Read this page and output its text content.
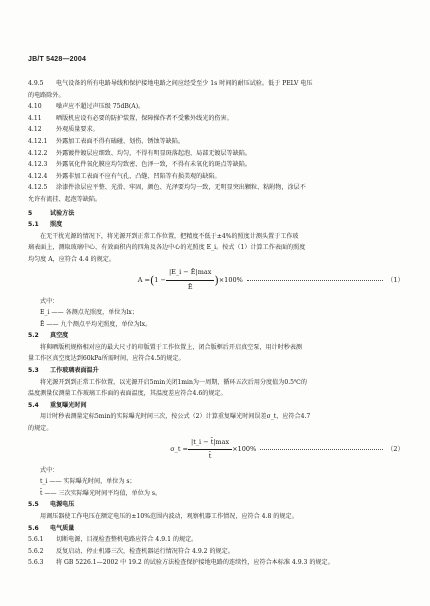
JB/T 5428—2004
4.9.5	电气设备的所有电路导线和保护接地电路之间应经受至少 1s 时间的耐压试验。低于 PELV 电压
的电路除外。
4.10	噪声应不超过声压级 75dB(A)。
4.11	晒版机应设有必要的防护装置，保障操作者不受紫外线光的伤害。
4.12	外观质量要求。
4.12.1	外露加工表面不得有磕碰、划伤、锈蚀等缺陷。
4.12.2	外露镀件镀层应细致、均匀，不得有明显斑落起泡、局部无镀层等缺陷。
4.12.3	外露氧化件氧化膜应均匀致密、色泽一致，不得有未氧化的斑点等缺陷。
4.12.4	外露非加工表面不应有气孔、凸缝、凹陷等有损美观的缺陷。
4.12.5	涂漆件涂层应平整、光滑、牢固，颜色、光泽要均匀一致，无明显突出颗粒、粘附物，涂层不
允许有流挂、起泡等缺陷。
5	试验方法
5.1	照度
在无干扰光源的情况下，将光源开到正常工作位置，把精度不低于±4%的照度计测头置于工作玻
璃表面上，测取玻璃中心、有效面积内的四角及各边中心的光照度 E_i。按式（1）计算工作表面的照度
均匀度 A，应符合 4.4 的规定。
A = ( $1 - \frac{|E\_i - Ē|\max}{Ē}$ ) ×100%	（1）
式中：
E_i —— 各测点光照度，单位为lx；
Ē —— 九个测点平均光照度，单位为lx。
5.2	真空度
将與晒版机规格相对应的最大尺寸的印版置于工作位置上，闭合版框后开启真空泵，用计时秒表测
量工作区真空度达到60kPa所需时间，应符合4.5的规定。
5.3	工作玻璃表面温升
将光源开到到正常工作位置，以光源开启5min关闭1min为一周期，循环五次后用分度值为0.5℃的
温度测量仪测量工作玻璃工作面的表面温度，其温度差应符合4.6的规定。
5.4	重复曝光时间
用计时秒表测量定标5min的实际曝光时间三次，按公式（2）计算重复曝光时间误差σ_t，应符合4.7
的规定。
σ_t = $\frac{|t\_i - t̄|\max}{t̄} \times 100\%$	（2）
式中：
t_i —— 实际曝光时间，单位为 s；
t̄ —— 三次实际曝光时间平均值，单位为 s。
5.5	电源电压
用调压器使工作电压在额定电压的±10%范围内波动，观察机器工作情况，应符合 4.8 的规定。
5.6	电气质量
5.6.1	切断电源，目视检查整机电路应符合 4.9.1 的规定。
5.6.2	反复启动、停止机器三次，检查机器运行情况符合 4.9.2 的规定。
5.6.3	将 GB 5226.1—2002 中 19.2 的试验方法检查保护接地电路的连续性，应符合本标准 4.9.3 的规定。
